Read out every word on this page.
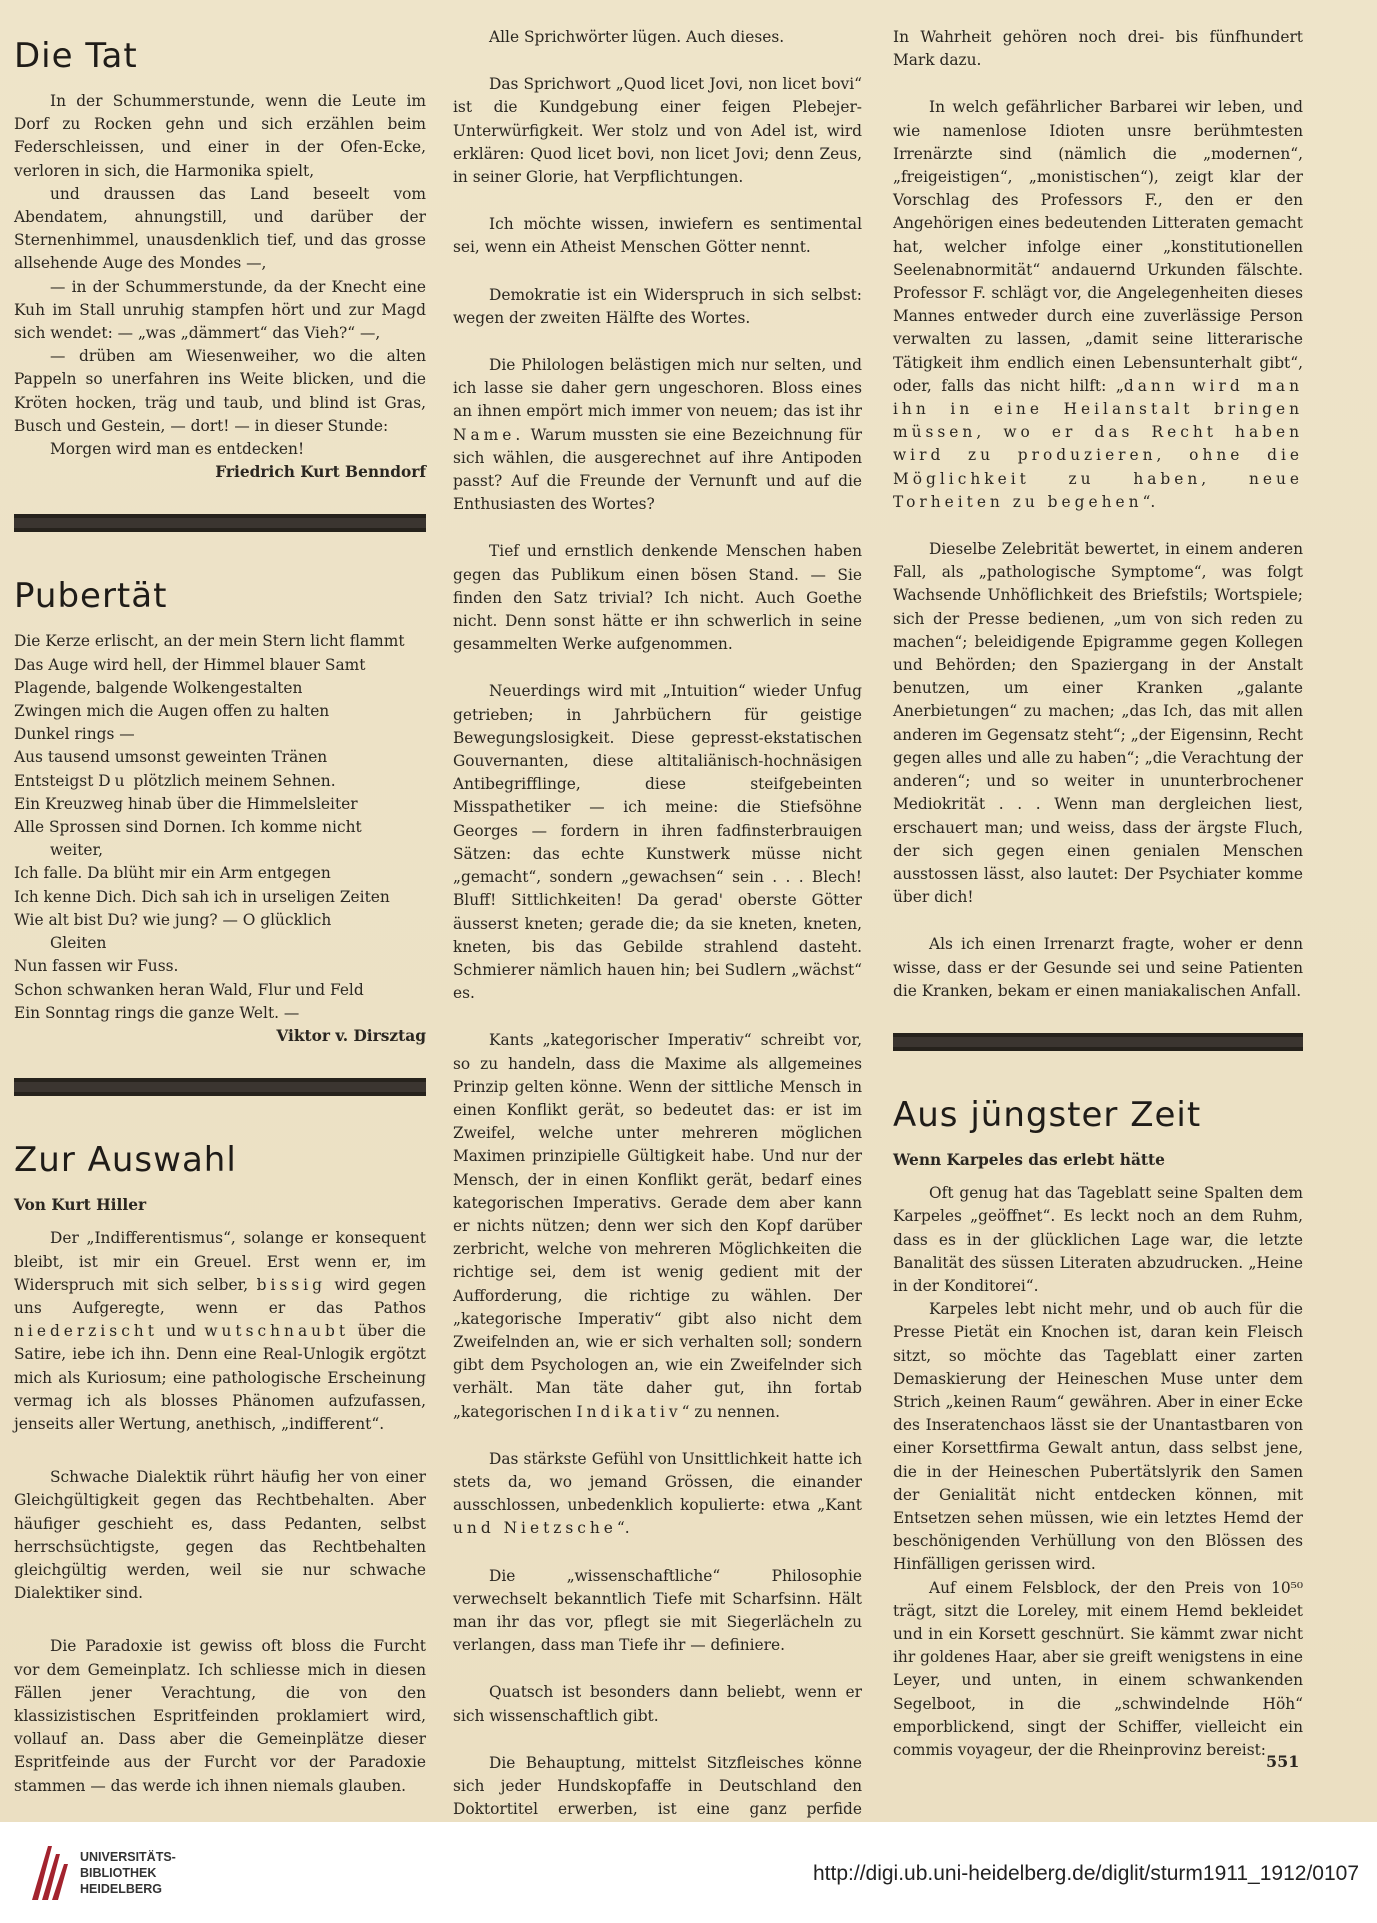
Die Tat

In der Schummerstunde, wenn die Leute im Dorf zu Rocken gehn und sich erzählen beim Federschleissen, und einer in der Ofen-Ecke, verloren in sich, die Harmonika spielt,

und draussen das Land beseelt vom Abendatem, ahnungstill, und darüber der Sternenhimmel, unausdenklich tief, und das grosse allsehende Auge des Mondes —,

— in der Schummerstunde, da der Knecht eine Kuh im Stall unruhig stampfen hört und zur Magd sich wendet: — „was „dämmert“ das Vieh?“ —,

— drüben am Wiesenweiher, wo die alten Pappeln so unerfahren ins Weite blicken, und die Kröten hocken, träg und taub, und blind ist Gras, Busch und Gestein, — dort! — in dieser Stunde:

Morgen wird man es entdecken!

Friedrich Kurt Benndorf

Pubertät
Die Kerze erlischt, an der mein Stern licht flammt
Das Auge wird hell, der Himmel blauer Samt
Plagende, balgende Wolkengestalten
Zwingen mich die Augen offen zu halten
Dunkel rings —
Aus tausend umsonst geweinten Tränen
Entsteigst Du plötzlich meinem Sehnen.
Ein Kreuzweg hinab über die Himmelsleiter
Alle Sprossen sind Dornen. Ich komme nicht
weiter,
Ich falle. Da blüht mir ein Arm entgegen
Ich kenne Dich. Dich sah ich in urseligen Zeiten
Wie alt bist Du? wie jung? — O glücklich
Gleiten
Nun fassen wir Fuss.
Schon schwanken heran Wald, Flur und Feld
Ein Sonntag rings die ganze Welt. —

Viktor v. Dirsztag

Zur Auswahl
Von Kurt Hiller

Der „Indifferentismus“, solange er konsequent bleibt, ist mir ein Greuel. Erst wenn er, im Widerspruch mit sich selber, bissig wird gegen uns Aufgeregte, wenn er das Pathos niederzischt und wutschnaubt über die Satire, iebe ich ihn. Denn eine Real-Unlogik ergötzt mich als Kuriosum; eine pathologische Erscheinung vermag ich als blosses Phänomen aufzufassen, jenseits aller Wertung, anethisch, „indifferent“.

Schwache Dialektik rührt häufig her von einer Gleichgültigkeit gegen das Rechtbehalten. Aber häufiger geschieht es, dass Pedanten, selbst herrschsüchtigste, gegen das Rechtbehalten gleichgültig werden, weil sie nur schwache Dialektiker sind.

Die Paradoxie ist gewiss oft bloss die Furcht vor dem Gemeinplatz. Ich schliesse mich in diesen Fällen jener Verachtung, die von den klassizistischen Espritfeinden proklamiert wird, vollauf an. Dass aber die Gemeinplätze dieser Espritfeinde aus der Furcht vor der Paradoxie stammen — das werde ich ihnen niemals glauben.

Alle Sprichwörter lügen. Auch dieses.

Das Sprichwort „Quod licet Jovi, non licet bovi“ ist die Kundgebung einer feigen Plebejer-Unterwürfigkeit. Wer stolz und von Adel ist, wird erklären: Quod licet bovi, non licet Jovi; denn Zeus, in seiner Glorie, hat Verpflichtungen.

Ich möchte wissen, inwiefern es sentimental sei, wenn ein Atheist Menschen Götter nennt.

Demokratie ist ein Widerspruch in sich selbst: wegen der zweiten Hälfte des Wortes.

Die Philologen belästigen mich nur selten, und ich lasse sie daher gern ungeschoren. Bloss eines an ihnen empört mich immer von neuem; das ist ihr Name. Warum mussten sie eine Bezeichnung für sich wählen, die ausgerechnet auf ihre Antipoden passt? Auf die Freunde der Vernunft und auf die Enthusiasten des Wortes?

Tief und ernstlich denkende Menschen haben gegen das Publikum einen bösen Stand. — Sie finden den Satz trivial? Ich nicht. Auch Goethe nicht. Denn sonst hätte er ihn schwerlich in seine gesammelten Werke aufgenommen.

Neuerdings wird mit „Intuition“ wieder Unfug getrieben; in Jahrbüchern für geistige Bewegungslosigkeit. Diese gepresst-ekstatischen Gouvernanten, diese altitaliänisch-hochnäsigen Antibegrifflinge, diese steifgebeinten Misspathetiker — ich meine: die Stiefsöhne Georges — fordern in ihren fadfinsterbrauigen Sätzen: das echte Kunstwerk müsse nicht „gemacht“, sondern „gewachsen“ sein . . . Blech! Bluff! Sittlichkeiten! Da gerad' oberste Götter äusserst kneten; gerade die; da sie kneten, kneten, kneten, bis das Gebilde strahlend dasteht. Schmierer nämlich hauen hin; bei Sudlern „wächst“ es.

Kants „kategorischer Imperativ“ schreibt vor, so zu handeln, dass die Maxime als allgemeines Prinzip gelten könne. Wenn der sittliche Mensch in einen Konflikt gerät, so bedeutet das: er ist im Zweifel, welche unter mehreren möglichen Maximen prinzipielle Gültigkeit habe. Und nur der Mensch, der in einen Konflikt gerät, bedarf eines kategorischen Imperativs. Gerade dem aber kann er nichts nützen; denn wer sich den Kopf darüber zerbricht, welche von mehreren Möglichkeiten die richtige sei, dem ist wenig gedient mit der Aufforderung, die richtige zu wählen. Der „kategorische Imperativ“ gibt also nicht dem Zweifelnden an, wie er sich verhalten soll; sondern gibt dem Psychologen an, wie ein Zweifelnder sich verhält. Man täte daher gut, ihn fortab „kategorischen Indikativ“ zu nennen.

Das stärkste Gefühl von Unsittlichkeit hatte ich stets da, wo jemand Grössen, die einander ausschlossen, unbedenklich kopulierte: etwa „Kant und Nietzsche“.

Die „wissenschaftliche“ Philosophie verwechselt bekanntlich Tiefe mit Scharfsinn. Hält man ihr das vor, pflegt sie mit Siegerlächeln zu verlangen, dass man Tiefe ihr — definiere.

Quatsch ist besonders dann beliebt, wenn er sich wissenschaftlich gibt.

Die Behauptung, mittelst Sitzfleisches könne sich jeder Hundskopfaffe in Deutschland den Doktortitel erwerben, ist eine ganz perfide

In Wahrheit gehören noch drei- bis fünfhundert Mark dazu.

In welch gefährlicher Barbarei wir leben, und wie namenlose Idioten unsre berühmtesten Irrenärzte sind (nämlich die „modernen“, „freigeistigen“, „monistischen“), zeigt klar der Vorschlag des Professors F., den er den Angehörigen eines bedeutenden Litteraten gemacht hat, welcher infolge einer „konstitutionellen Seelenabnormität“ andauernd Urkunden fälschte. Professor F. schlägt vor, die Angelegenheiten dieses Mannes entweder durch eine zuverlässige Person verwalten zu lassen, „damit seine litterarische Tätigkeit ihm endlich einen Lebensunterhalt gibt“, oder, falls das nicht hilft: „dann wird man ihn in eine Heilanstalt bringen müssen, wo er das Recht haben wird zu produzieren, ohne die Möglichkeit zu haben, neue Torheiten zu begehen“.

Dieselbe Zelebrität bewertet, in einem anderen Fall, als „pathologische Symptome“, was folgt Wachsende Unhöflichkeit des Briefstils; Wortspiele; sich der Presse bedienen, „um von sich reden zu machen“; beleidigende Epigramme gegen Kollegen und Behörden; den Spaziergang in der Anstalt benutzen, um einer Kranken „galante Anerbietungen“ zu machen; „das Ich, das mit allen anderen im Gegensatz steht“; „der Eigensinn, Recht gegen alles und alle zu haben“; „die Verachtung der anderen“; und so weiter in ununterbrochener Mediokrität . . . Wenn man dergleichen liest, erschauert man; und weiss, dass der ärgste Fluch, der sich gegen einen genialen Menschen ausstossen lässt, also lautet: Der Psychiater komme über dich!

Als ich einen Irrenarzt fragte, woher er denn wisse, dass er der Gesunde sei und seine Patienten die Kranken, bekam er einen maniakalischen Anfall.

Aus jüngster Zeit
Wenn Karpeles das erlebt hätte

Oft genug hat das Tageblatt seine Spalten dem Karpeles „geöffnet“. Es leckt noch an dem Ruhm, dass es in der glücklichen Lage war, die letzte Banalität des süssen Literaten abzudrucken. „Heine in der Konditorei“.

Karpeles lebt nicht mehr, und ob auch für die Presse Pietät ein Knochen ist, daran kein Fleisch sitzt, so möchte das Tageblatt einer zarten Demaskierung der Heineschen Muse unter dem Strich „keinen Raum“ gewähren. Aber in einer Ecke des Inseratenchaos lässt sie der Unantastbaren von einer Korsettfirma Gewalt antun, dass selbst jene, die in der Heineschen Pubertätslyrik den Samen der Genialität nicht entdecken können, mit Entsetzen sehen müssen, wie ein letztes Hemd der beschönigenden Verhüllung von den Blössen des Hinfälligen gerissen wird.

Auf einem Felsblock, der den Preis von 10⁵⁰ trägt, sitzt die Loreley, mit einem Hemd bekleidet und in ein Korsett geschnürt. Sie kämmt zwar nicht ihr goldenes Haar, aber sie greift wenigstens in eine Leyer, und unten, in einem schwankenden Segelboot, in die „schwindelnde Höh“ emporblickend, singt der Schiffer, vielleicht ein commis voyageur, der die Rheinprovinz bereist:

551
UNIVERSITÄTS-
BIBLIOTHEK
HEIDELBERG
http://digi.ub.uni-heidelberg.de/diglit/sturm1911_1912/0107
